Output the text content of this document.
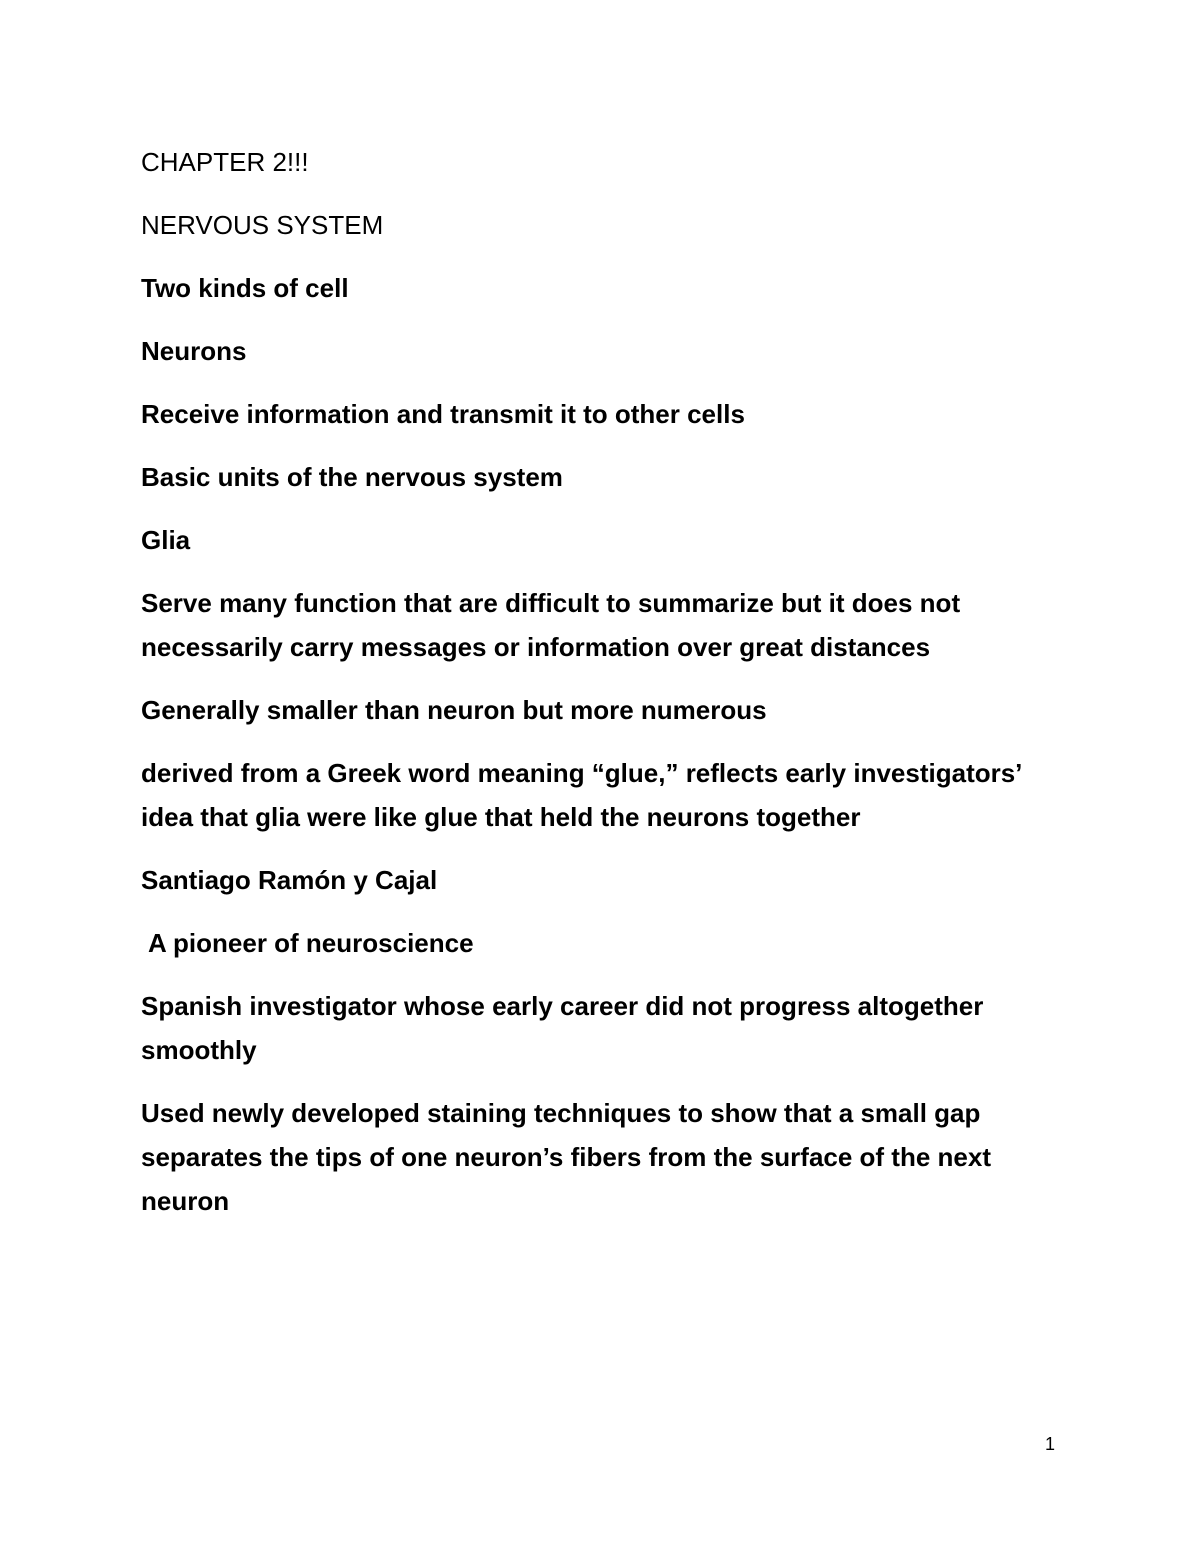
CHAPTER 2!!!

NERVOUS SYSTEM

Two kinds of cell

Neurons

Receive information and transmit it to other cells

Basic units of the nervous system

Glia

Serve many function that are difficult to summarize but it does not necessarily carry messages or information over great distances

Generally smaller than neuron but more numerous

derived from a Greek word meaning “glue,” reflects early investigators’ idea that glia were like glue that held the neurons together

Santiago Ramón y Cajal

A pioneer of neuroscience

Spanish investigator whose early career did not progress altogether smoothly

Used newly developed staining techniques to show that a small gap separates the tips of one neuron’s fibers from the surface of the next neuron

1
